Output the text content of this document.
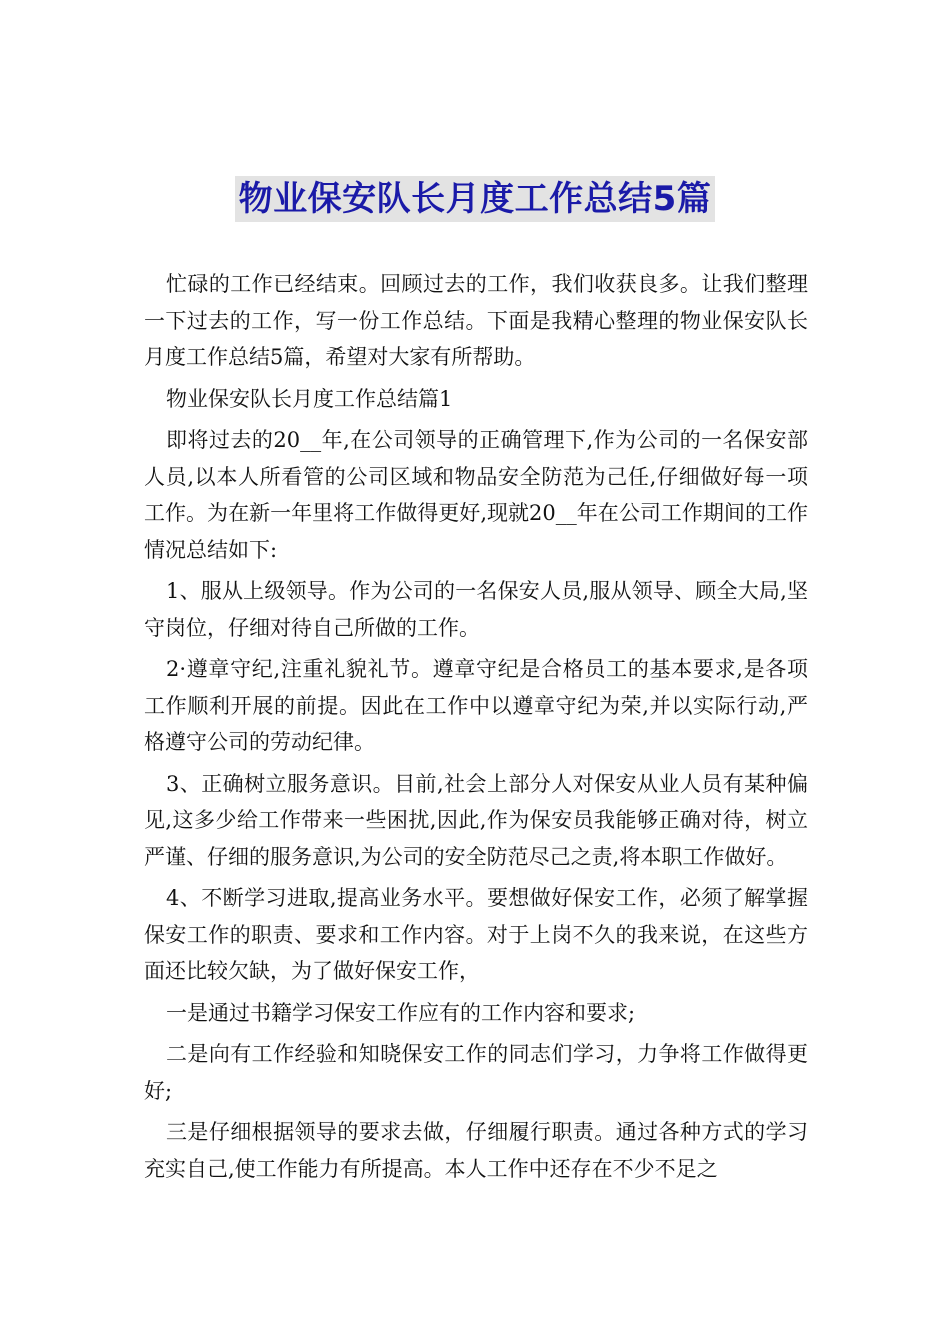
物业保安队长月度工作总结5篇

忙碌的工作已经结束。回顾过去的工作，我们收获良多。让我们整理一下过去的工作，写一份工作总结。下面是我精心整理的物业保安队长月度工作总结5篇，希望对大家有所帮助。

物业保安队长月度工作总结篇1

即将过去的20__年,在公司领导的正确管理下,作为公司的一名保安部人员,以本人所看管的公司区域和物品安全防范为己任,仔细做好每一项工作。为在新一年里将工作做得更好,现就20__年在公司工作期间的工作情况总结如下:

1、服从上级领导。作为公司的一名保安人员,服从领导、顾全大局,坚守岗位，仔细对待自己所做的工作。

2·遵章守纪,注重礼貌礼节。遵章守纪是合格员工的基本要求,是各项工作顺利开展的前提。因此在工作中以遵章守纪为荣,并以实际行动,严格遵守公司的劳动纪律。

3、正确树立服务意识。目前,社会上部分人对保安从业人员有某种偏见,这多少给工作带来一些困扰,因此,作为保安员我能够正确对待，树立严谨、仔细的服务意识,为公司的安全防范尽己之责,将本职工作做好。

4、不断学习进取,提高业务水平。要想做好保安工作，必须了解掌握保安工作的职责、要求和工作内容。对于上岗不久的我来说，在这些方面还比较欠缺，为了做好保安工作，

一是通过书籍学习保安工作应有的工作内容和要求;

二是向有工作经验和知晓保安工作的同志们学习，力争将工作做得更好;

三是仔细根据领导的要求去做，仔细履行职责。通过各种方式的学习充实自己,使工作能力有所提高。本人工作中还存在不少不足之
